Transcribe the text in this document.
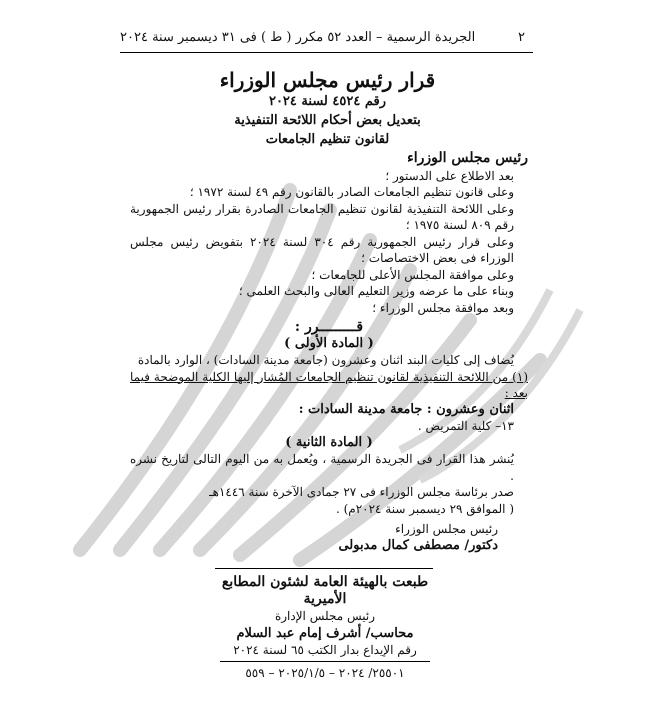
٢
الجريدة الرسمية – العدد ٥٢ مكرر ( ط ) فى ٣١ ديسمبر سنة ٢٠٢٤
قرار رئيس مجلس الوزراء
رقم ٤٥٢٤ لسنة ٢٠٢٤
بتعديل بعض أحكام اللائحة التنفيذية
لقانون تنظيم الجامعات

رئيس مجلس الوزراء

بعد الاطلاع على الدستور ؛

وعلى قانون تنظيم الجامعات الصادر بالقانون رقم ٤٩ لسنة ١٩٧٢ ؛

وعلى اللائحة التنفيذية لقانون تنظيم الجامعات الصادرة بقرار رئيس الجمهورية رقم ٨٠٩ لسنة ١٩٧٥ ؛

وعلى قرار رئيس الجمهورية رقم ٣٠٤ لسنة ٢٠٢٤ بتفويض رئيس مجلس الوزراء فى بعض الاختصاصات ؛

وعلى موافقة المجلس الأعلى للجامعات ؛

وبناء على ما عرضه وزير التعليم العالى والبحث العلمى ؛

وبعد موافقة مجلس الوزراء ؛

قـــــــــرر :

( المادة الأولى )

يُضاف إلى كليات البند اثنان وعشرون (جامعة مدينة السادات) ، الوارد بالمادة

(١) من اللائحة التنفيذية لقانون تنظيم الجامعات المُشار إليها الكلية الموضحة فيما بعد :

اثنان وعشرون : جامعة مدينة السادات :

١٣– كلية التمريض .

( المادة الثانية )

يُنشر هذا القرار فى الجريدة الرسمية ، ويُعمل به من اليوم التالى لتاريخ نشره .

صدر برئاسة مجلس الوزراء فى ٢٧ جمادى الآخرة سنة ١٤٤٦هـ

( الموافق ٢٩ ديسمبر سنة ٢٠٢٤م) .

رئيس مجلس الوزراء

دكتور/ مصطفى كمال مدبولى

طبعت بالهيئة العامة لشئون المطابع الأميرية

رئيس مجلس الإدارة

محاسب/ أشرف إمام عبد السلام

رقم الإيداع بدار الكتب ٦٥ لسنة ٢٠٢٤

٢٥٥٠١/ ٢٠٢٤ – ٢٠٢٥/١/٥ – ٥٥٩
